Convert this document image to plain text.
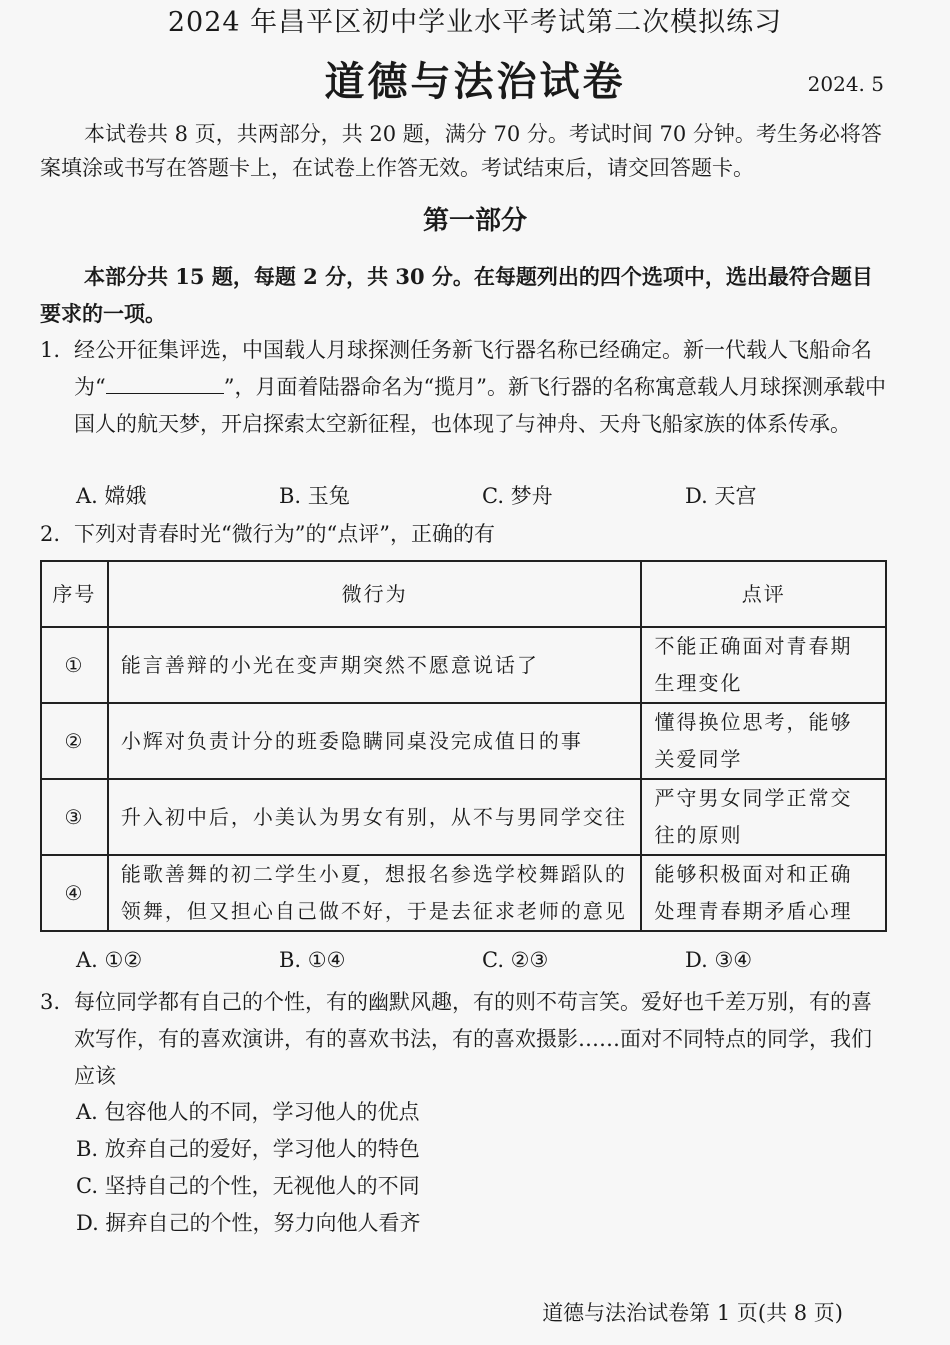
2024 年昌平区初中学业水平考试第二次模拟练习
道德与法治试卷	2024. 5
本试卷共 8 页，共两部分，共 20 题，满分 70 分。考试时间 70 分钟。考生务必将答案填涂或书写在答题卡上，在试卷上作答无效。考试结束后，请交回答题卡。
第一部分
本部分共 15 题，每题 2 分，共 30 分。在每题列出的四个选项中，选出最符合题目要求的一项。
1. 经公开征集评选，中国载人月球探测任务新飞行器名称已经确定。新一代载人飞船命名为“	”，月面着陆器命名为“揽月”。新飞行器的名称寓意载人月球探测承载中国人的航天梦，开启探索太空新征程，也体现了与神舟、天舟飞船家族的体系传承。
A. 嫦娥	B. 玉兔	C. 梦舟	D. 天宫
2. 下列对青春时光“微行为”的“点评”，正确的有
序号	微行为	点评
①	能言善辩的小光在变声期突然不愿意说话了	不能正确面对青春期生理变化
②	小辉对负责计分的班委隐瞒同桌没完成值日的事	懂得换位思考，能够关爱同学
③	升入初中后，小美认为男女有别，从不与男同学交往	严守男女同学正常交往的原则
④	能歌善舞的初二学生小夏，想报名参选学校舞蹈队的领舞，但又担心自己做不好，于是去征求老师的意见	能够积极面对和正确处理青春期矛盾心理
A. ①②	B. ①④	C. ②③	D. ③④
3. 每位同学都有自己的个性，有的幽默风趣，有的则不苟言笑。爱好也千差万别，有的喜欢写作，有的喜欢演讲，有的喜欢书法，有的喜欢摄影……面对不同特点的同学，我们应该
A. 包容他人的不同，学习他人的优点
B. 放弃自己的爱好，学习他人的特色
C. 坚持自己的个性，无视他人的不同
D. 摒弃自己的个性，努力向他人看齐
道德与法治试卷第 1 页(共 8 页)
